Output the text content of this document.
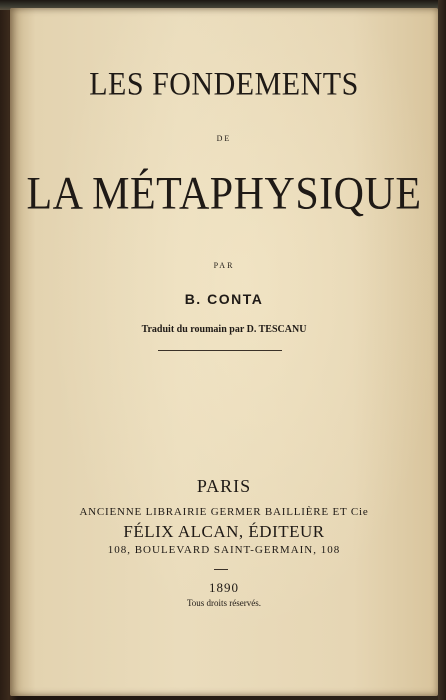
LES FONDEMENTS
DE
LA MÉTAPHYSIQUE
PAR
B. CONTA
Traduit du roumain par D. TESCANU
PARIS
ANCIENNE LIBRAIRIE GERMER BAILLIÈRE ET Cie
FÉLIX ALCAN, ÉDITEUR
108, BOULEVARD SAINT-GERMAIN, 108
1890
Tous droits réservés.
